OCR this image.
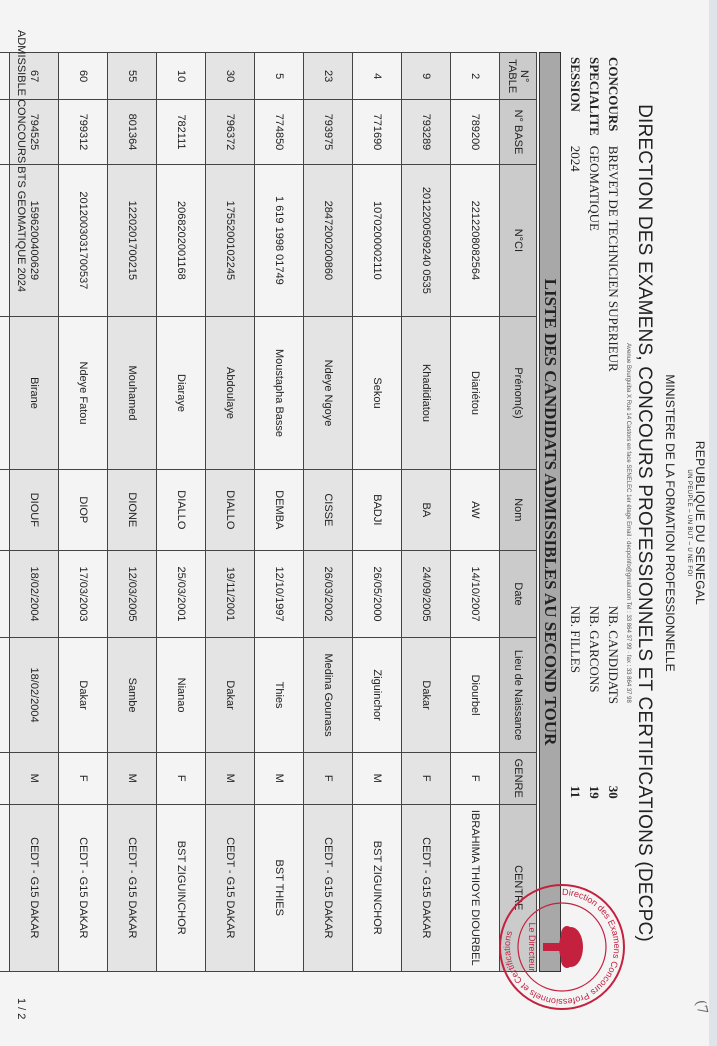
(7
REPUBLIQUE DU SENEGAL
UN PEUPLE – UN BUT – U NE FOI
MINISTERE DE LA FORMATION PROFESSIONNELLE
DIRECTION DES EXAMENS, CONCOURS PROFESSIONNELS ET CERTIFICATIONS (DECPC)
Avenue Bourguiba X Rue 14 Castors en face SENELEC 1er étage Email : decpcinfo@gmail.com Tel : 33 864 37 99 · fax : 33 864 37 98
CONCOURS	BREVET DE TECHNICIEN SUPERIEUR	NB. CANDIDATS	30
SPECIALITE	GEOMATIQUE	NB. GARCONS	19
SESSION	2024	NB. FILLES	11
LISTE DES CANDIDATS ADMISSIBLES AU SECOND TOUR
N°
TABLE	N° BASE	N°CI	Prénom(s)	Nom	Date	Lieu de Naissance	GENRE	CENTRE
2	789200	2212208082564	Diariétou	AW	14/10/2007	Diourbel	F	IBRAHIMA THIOYE DIOURBEL
9	793289	2012200509240 0535	Khadidiatou	BA	24/09/2005	Dakar	F	CEDT - G15 DAKAR
4	771690	1070200002110	Sekou	BADJI	26/05/2000	Ziguinchor	M	BST ZIGUINCHOR
23	793975	2847200200860	Ndeye Ngoye	CISSE	26/03/2002	Medina Gounass	F	CEDT - G15 DAKAR
5	774850	1 619 1998 01749	Moustapha Basse	DEMBA	12/10/1997	Thies	M	BST THIES
30	796372	1755200102245	Abdoulaye	DIALLO	19/11/2001	Dakar	M	CEDT - G15 DAKAR
10	782111	2068202001168	Diaraye	DIALLO	25/03/2001	Nianao	F	BST ZIGUINCHOR
55	801364	1220201700215	Mouhamed	DIONE	12/03/2005	Sambe	M	CEDT - G15 DAKAR
60	799312	2012003031700537	Ndeye Fatou	DIOP	17/03/2003	Dakar	F	CEDT - G15 DAKAR
67	794525	1596200400629	Birane	DIOUF	18/02/2004	18/02/2004	M	CEDT - G15 DAKAR

									Direction des Examens Concours Professionnels et Certifications	Le Directeur
ADMISSIBLE CONCOURS BTS GEOMATIQUE 2024
1 / 2
